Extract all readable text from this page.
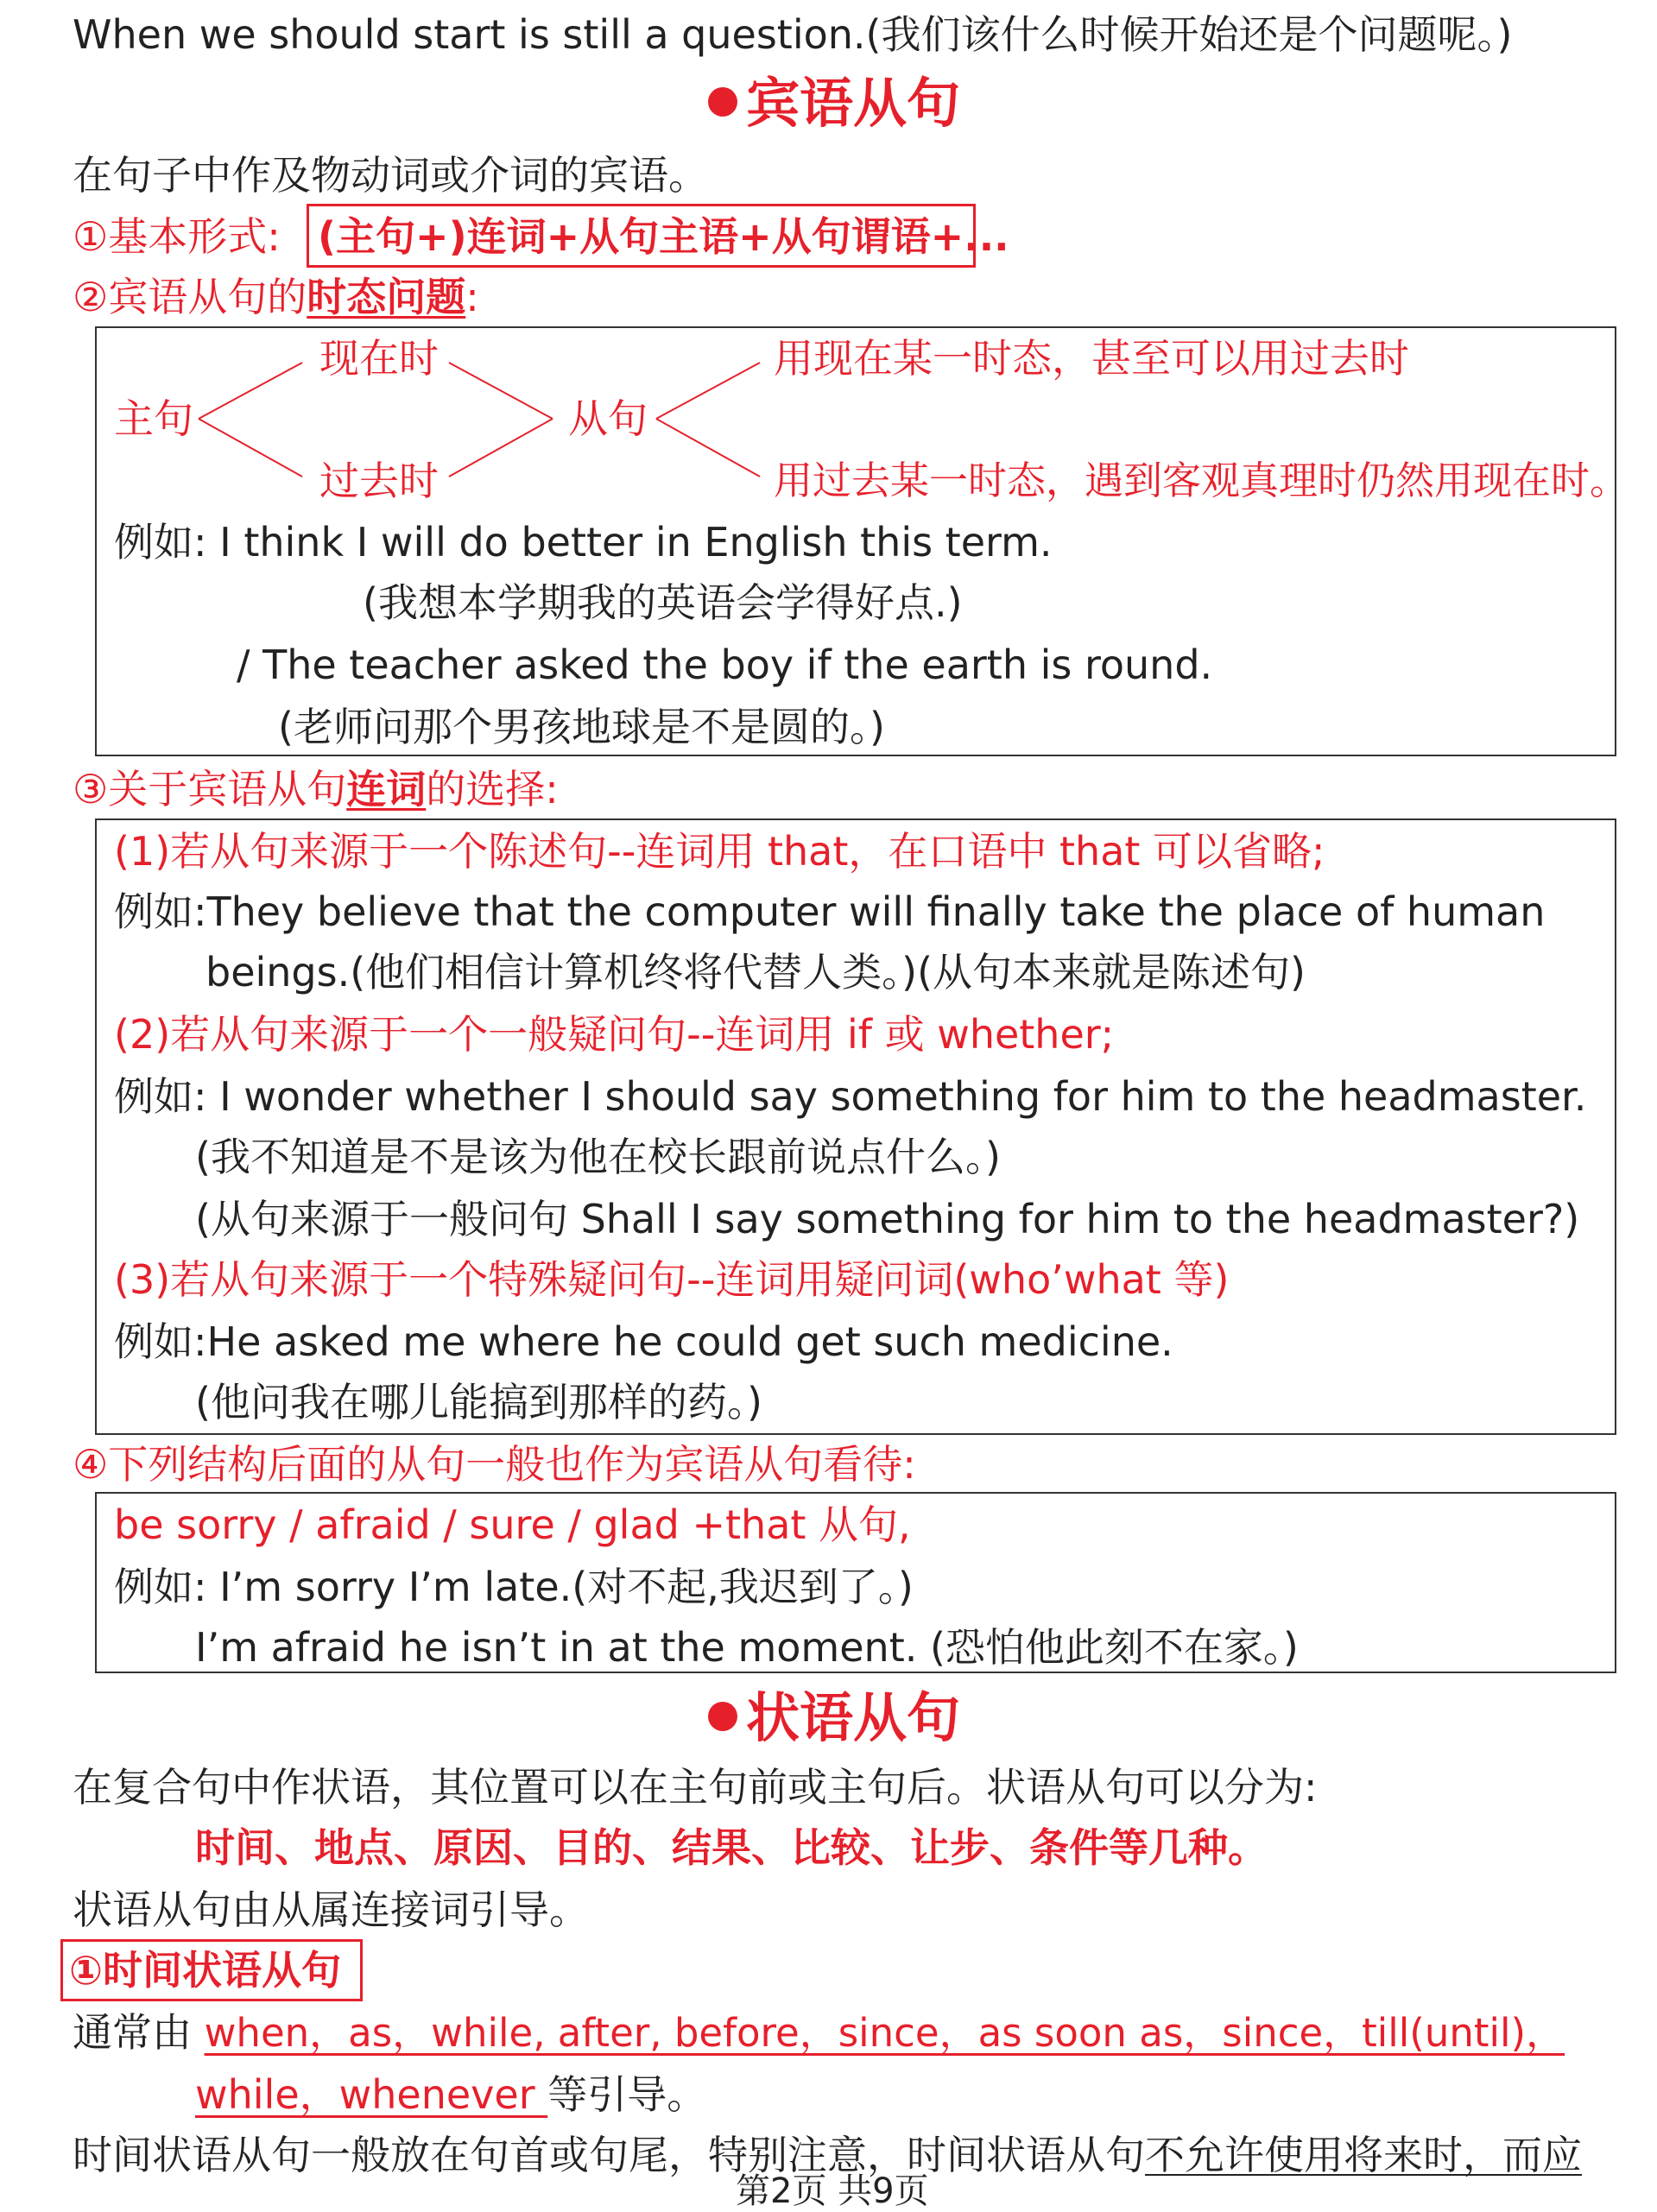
When we should start is still a question.(我们该什么时候开始还是个问题呢。)
宾语从句
在句子中作及物动词或介词的宾语。
①基本形式: (主句+)连词+从句主语+从句谓语+...
②宾语从句的时态问题:
主句
现在时
过去时
从句
用现在某一时态，甚至可以用过去时
用过去某一时态，遇到客观真理时仍然用现在时。
例如: I think I will do better in English this term.
(我想本学期我的英语会学得好点.)
/ The teacher asked the boy if the earth is round.
(老师问那个男孩地球是不是圆的。)
③关于宾语从句连词的选择:
(1)若从句来源于一个陈述句--连词用 that，在口语中 that 可以省略;
例如:They believe that the computer will finally take the place of human
beings.(他们相信计算机终将代替人类。)(从句本来就是陈述句)
(2)若从句来源于一个一般疑问句--连词用 if 或 whether;
例如: I wonder whether I should say something for him to the headmaster.
(我不知道是不是该为他在校长跟前说点什么。)
(从句来源于一般问句 Shall I say something for him to the headmaster?)
(3)若从句来源于一个特殊疑问句--连词用疑问词(who’what 等)
例如:He asked me where he could get such medicine.
(他问我在哪儿能搞到那样的药。)
④下列结构后面的从句一般也作为宾语从句看待:
be sorry / afraid / sure / glad +that 从句,
例如: I’m sorry I’m late.(对不起,我迟到了。)
I’m afraid he isn’t in at the moment. (恐怕他此刻不在家。)
状语从句
在复合句中作状语，其位置可以在主句前或主句后。状语从句可以分为:
时间、地点、原因、目的、结果、比较、让步、条件等几种。
状语从句由从属连接词引导。
①时间状语从句
通常由 when，as，while, after, before，since，as soon as，since，till(until)，
while，whenever 等引导。
时间状语从句一般放在句首或句尾，特别注意，时间状语从句不允许使用将来时，而应
第2页 共9页
